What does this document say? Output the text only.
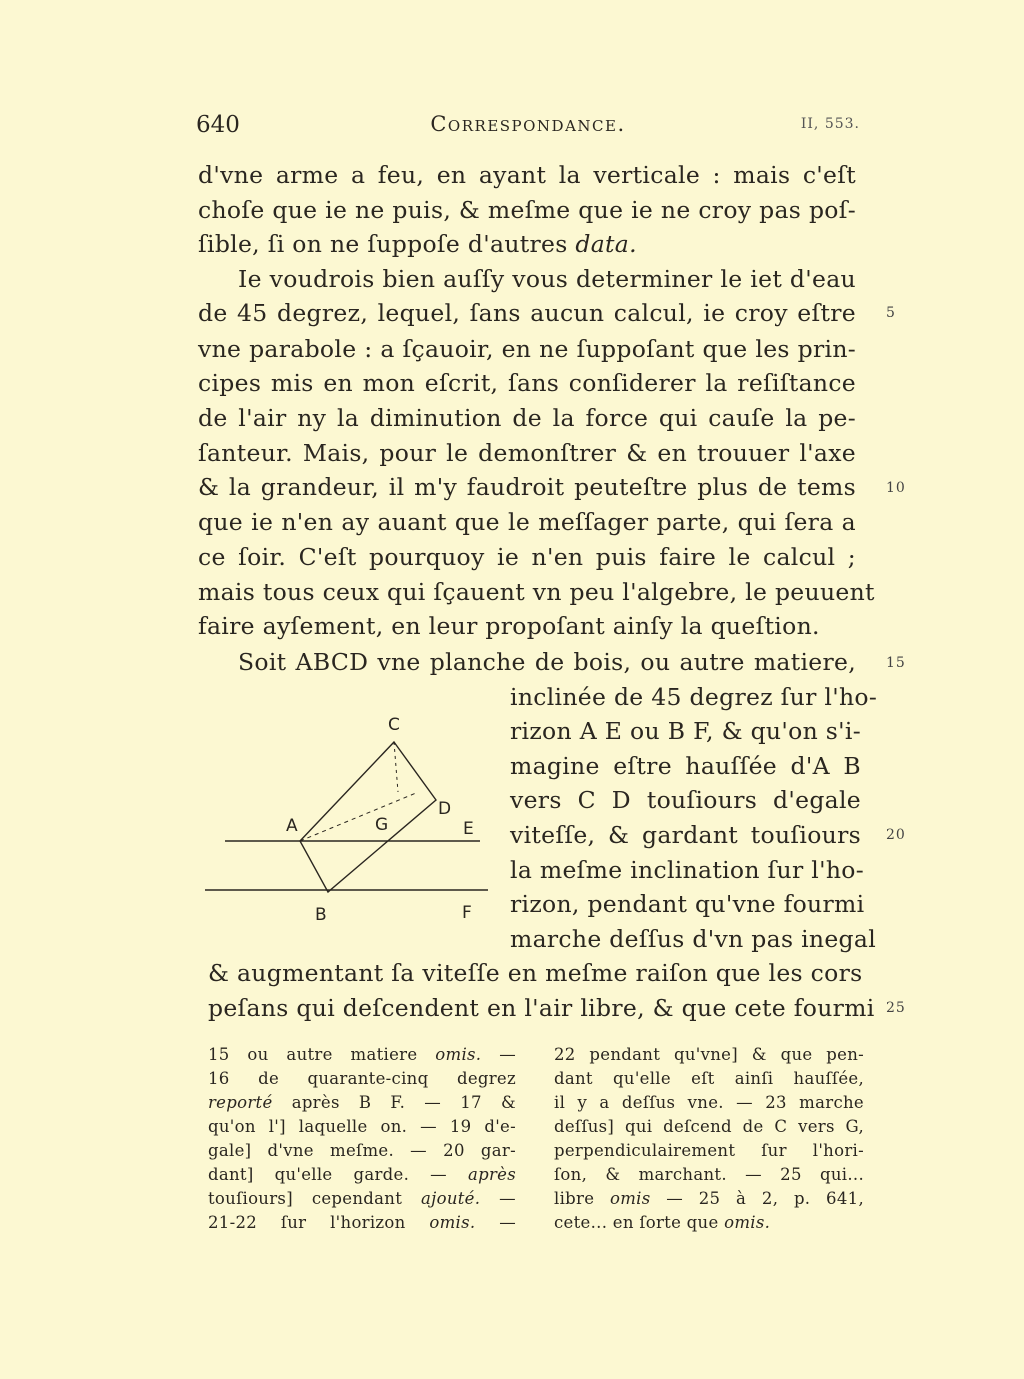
640	Correspondance.	II, 553.
d'vne arme a feu, en ayant la verticale : mais c'eſt
choſe que ie ne puis, & meſme que ie ne croy pas poſ-
ſible, ſi on ne ſuppoſe d'autres data.
Ie voudrois bien auſſy vous determiner le iet d'eau
de 45 degrez, lequel, ſans aucun calcul, ie croy eſtre
vne parabole : a ſçauoir, en ne ſuppoſant que les prin-
cipes mis en mon eſcrit, ſans conſiderer la reſiſtance
de l'air ny la diminution de la force qui cauſe la pe-
ſanteur. Mais, pour le demonſtrer & en trouuer l'axe
& la grandeur, il m'y faudroit peuteſtre plus de tems
que ie n'en ay auant que le meſſager parte, qui ſera a
ce ſoir. C'eſt pourquoy ie n'en puis faire le calcul ;
mais tous ceux qui ſçauent vn peu l'algebre, le peuuent
faire ayſement, en leur propoſant ainſy la queſtion.
Soit ABCD vne planche de bois, ou autre matiere,
inclinée de 45 degrez ſur l'ho-
rizon A E ou B F, & qu'on s'i-
magine eſtre hauſſée d'A B
vers C D touſiours d'egale
viteſſe, & gardant touſiours
la meſme inclination ſur l'ho-
rizon, pendant qu'vne fourmi
marche deſſus d'vn pas inegal
& augmentant ſa viteſſe en meſme raiſon que les cors
peſans qui deſcendent en l'air libre, & que cete fourmi
5
10
15
20
25
C
A	G
D
E
B	F
15 ou autre matiere omis. —
16 de quarante-cinq degrez
reporté après B F. — 17 &
qu'on l'] laquelle on. — 19 d'e-
gale] d'vne meſme. — 20 gar-
dant] qu'elle garde. — après
touſiours] cependant ajouté. —
21-22 ſur l'horizon omis. —
22 pendant qu'vne] & que pen-
dant qu'elle eſt ainſi hauſſée,
il y a deſſus vne. — 23 marche
deſſus] qui deſcend de C vers G,
perpendiculairement ſur l'hori-
ſon, & marchant. — 25 qui...
libre omis — 25 à 2, p. 641,
cete... en ſorte que omis.
